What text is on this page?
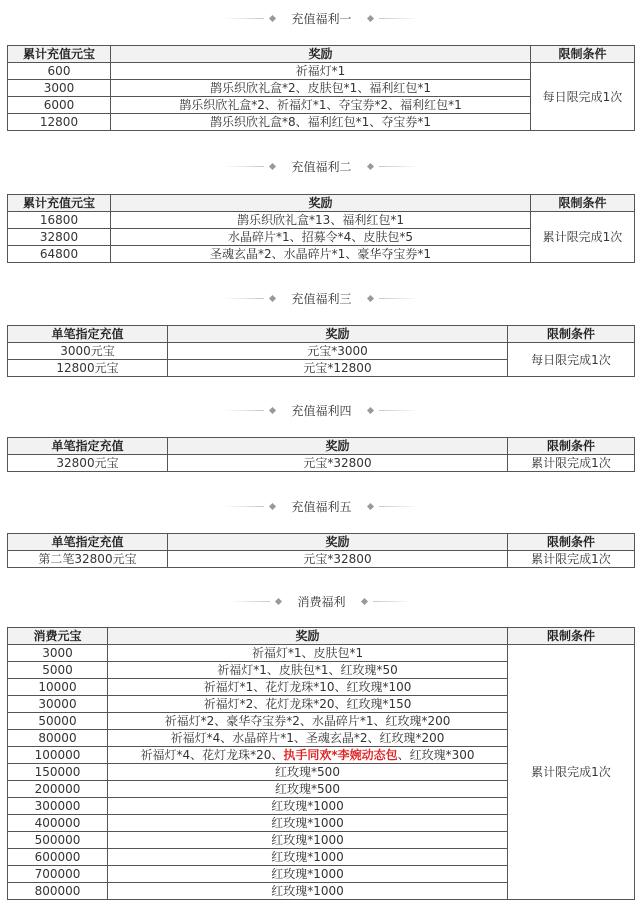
充值福利一
累计充值元宝	奖励	限制条件
600	祈福灯*1	每日限完成1次
3000	鹊乐织欣礼盒*2、皮肤包*1、福利红包*1	
6000	鹊乐织欣礼盒*2、祈福灯*1、夺宝券*2、福利红包*1	
12800	鹊乐织欣礼盒*8、福利红包*1、夺宝券*1	
充值福利二
累计充值元宝	奖励	限制条件
16800	鹊乐织欣礼盒*13、福利红包*1	累计限完成1次
32800	水晶碎片*1、招募令*4、皮肤包*5	
64800	圣魂玄晶*2、水晶碎片*1、豪华夺宝券*1	
充值福利三
单笔指定充值	奖励	限制条件
3000元宝	元宝*3000	每日限完成1次
12800元宝	元宝*12800	
充值福利四
单笔指定充值	奖励	限制条件
32800元宝	元宝*32800	累计限完成1次
充值福利五
单笔指定充值	奖励	限制条件
第二笔32800元宝	元宝*32800	累计限完成1次
消费福利
消费元宝	奖励	限制条件
3000	祈福灯*1、皮肤包*1	累计限完成1次
5000	祈福灯*1、皮肤包*1、红玫瑰*50	
10000	祈福灯*1、花灯龙珠*10、红玫瑰*100	
30000	祈福灯*2、花灯龙珠*20、红玫瑰*150	
50000	祈福灯*2、豪华夺宝券*2、水晶碎片*1、红玫瑰*200	
80000	祈福灯*4、水晶碎片*1、圣魂玄晶*2、红玫瑰*200	
100000	祈福灯*4、花灯龙珠*20、执手同欢*李婉动态包、红玫瑰*300	
150000	红玫瑰*500	
200000	红玫瑰*500	
300000	红玫瑰*1000	
400000	红玫瑰*1000	
500000	红玫瑰*1000	
600000	红玫瑰*1000	
700000	红玫瑰*1000	
800000	红玫瑰*1000	
